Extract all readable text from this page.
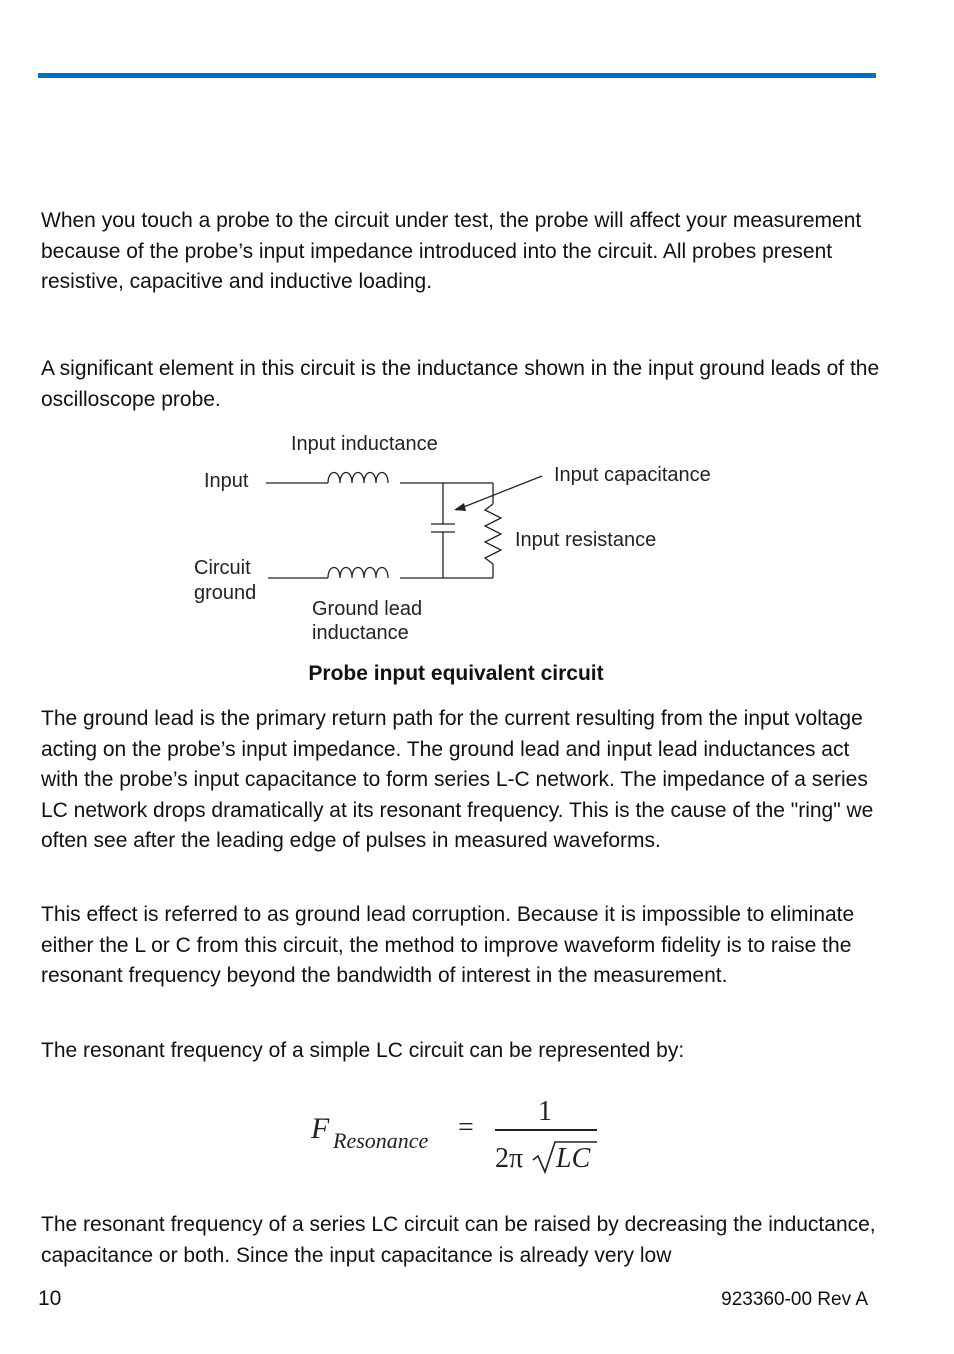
When you touch a probe to the circuit under test, the probe will affect your measurement because of the probe’s input impedance introduced into the circuit. All probes present resistive, capacitive and inductive loading.

A significant element in this circuit is the inductance shown in the input ground leads of the oscilloscope probe.

Input inductance
Input	Input capacitance
Input resistance
Circuit
ground
Ground lead
inductance
Probe input equivalent circuit

The ground lead is the primary return path for the current resulting from the input voltage acting on the probe’s input impedance. The ground lead and input lead inductances act with the probe’s input capacitance to form series L-C network. The impedance of a series LC network drops dramatically at its resonant frequency. This is the cause of the "ring" we often see after the leading edge of pulses in measured waveforms.

This effect is referred to as ground lead corruption. Because it is impossible to eliminate either the L or C from this circuit, the method to improve waveform fidelity is to raise the resonant frequency beyond the bandwidth of interest in the measurement.

The resonant frequency of a simple LC circuit can be represented by:

F Resonance =
1
2π LC

The resonant frequency of a series LC circuit can be raised by decreasing the inductance, capacitance or both. Since the input capacitance is already very low

10	923360-00 Rev A
